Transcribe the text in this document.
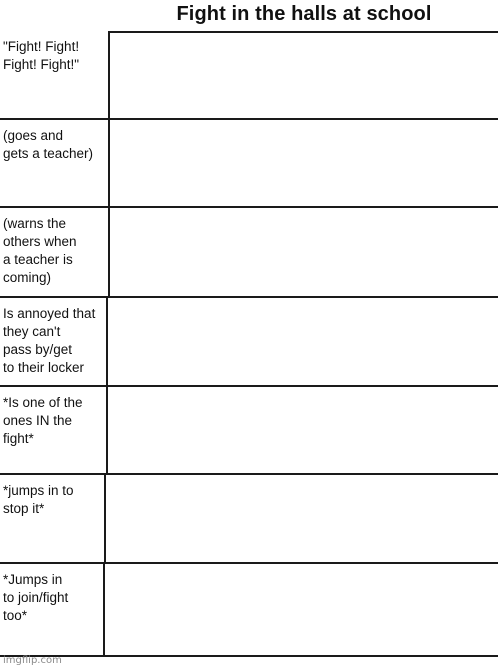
Fight in the halls at school
"Fight! Fight!
Fight! Fight!"
(goes and
gets a teacher)
(warns the
others when
a teacher is
coming)
Is annoyed that
they can't
pass by/get
to their locker
*Is one of the
ones IN the
fight*
*jumps in to
stop it*
*Jumps in
to join/fight
too*
imgflip.com
